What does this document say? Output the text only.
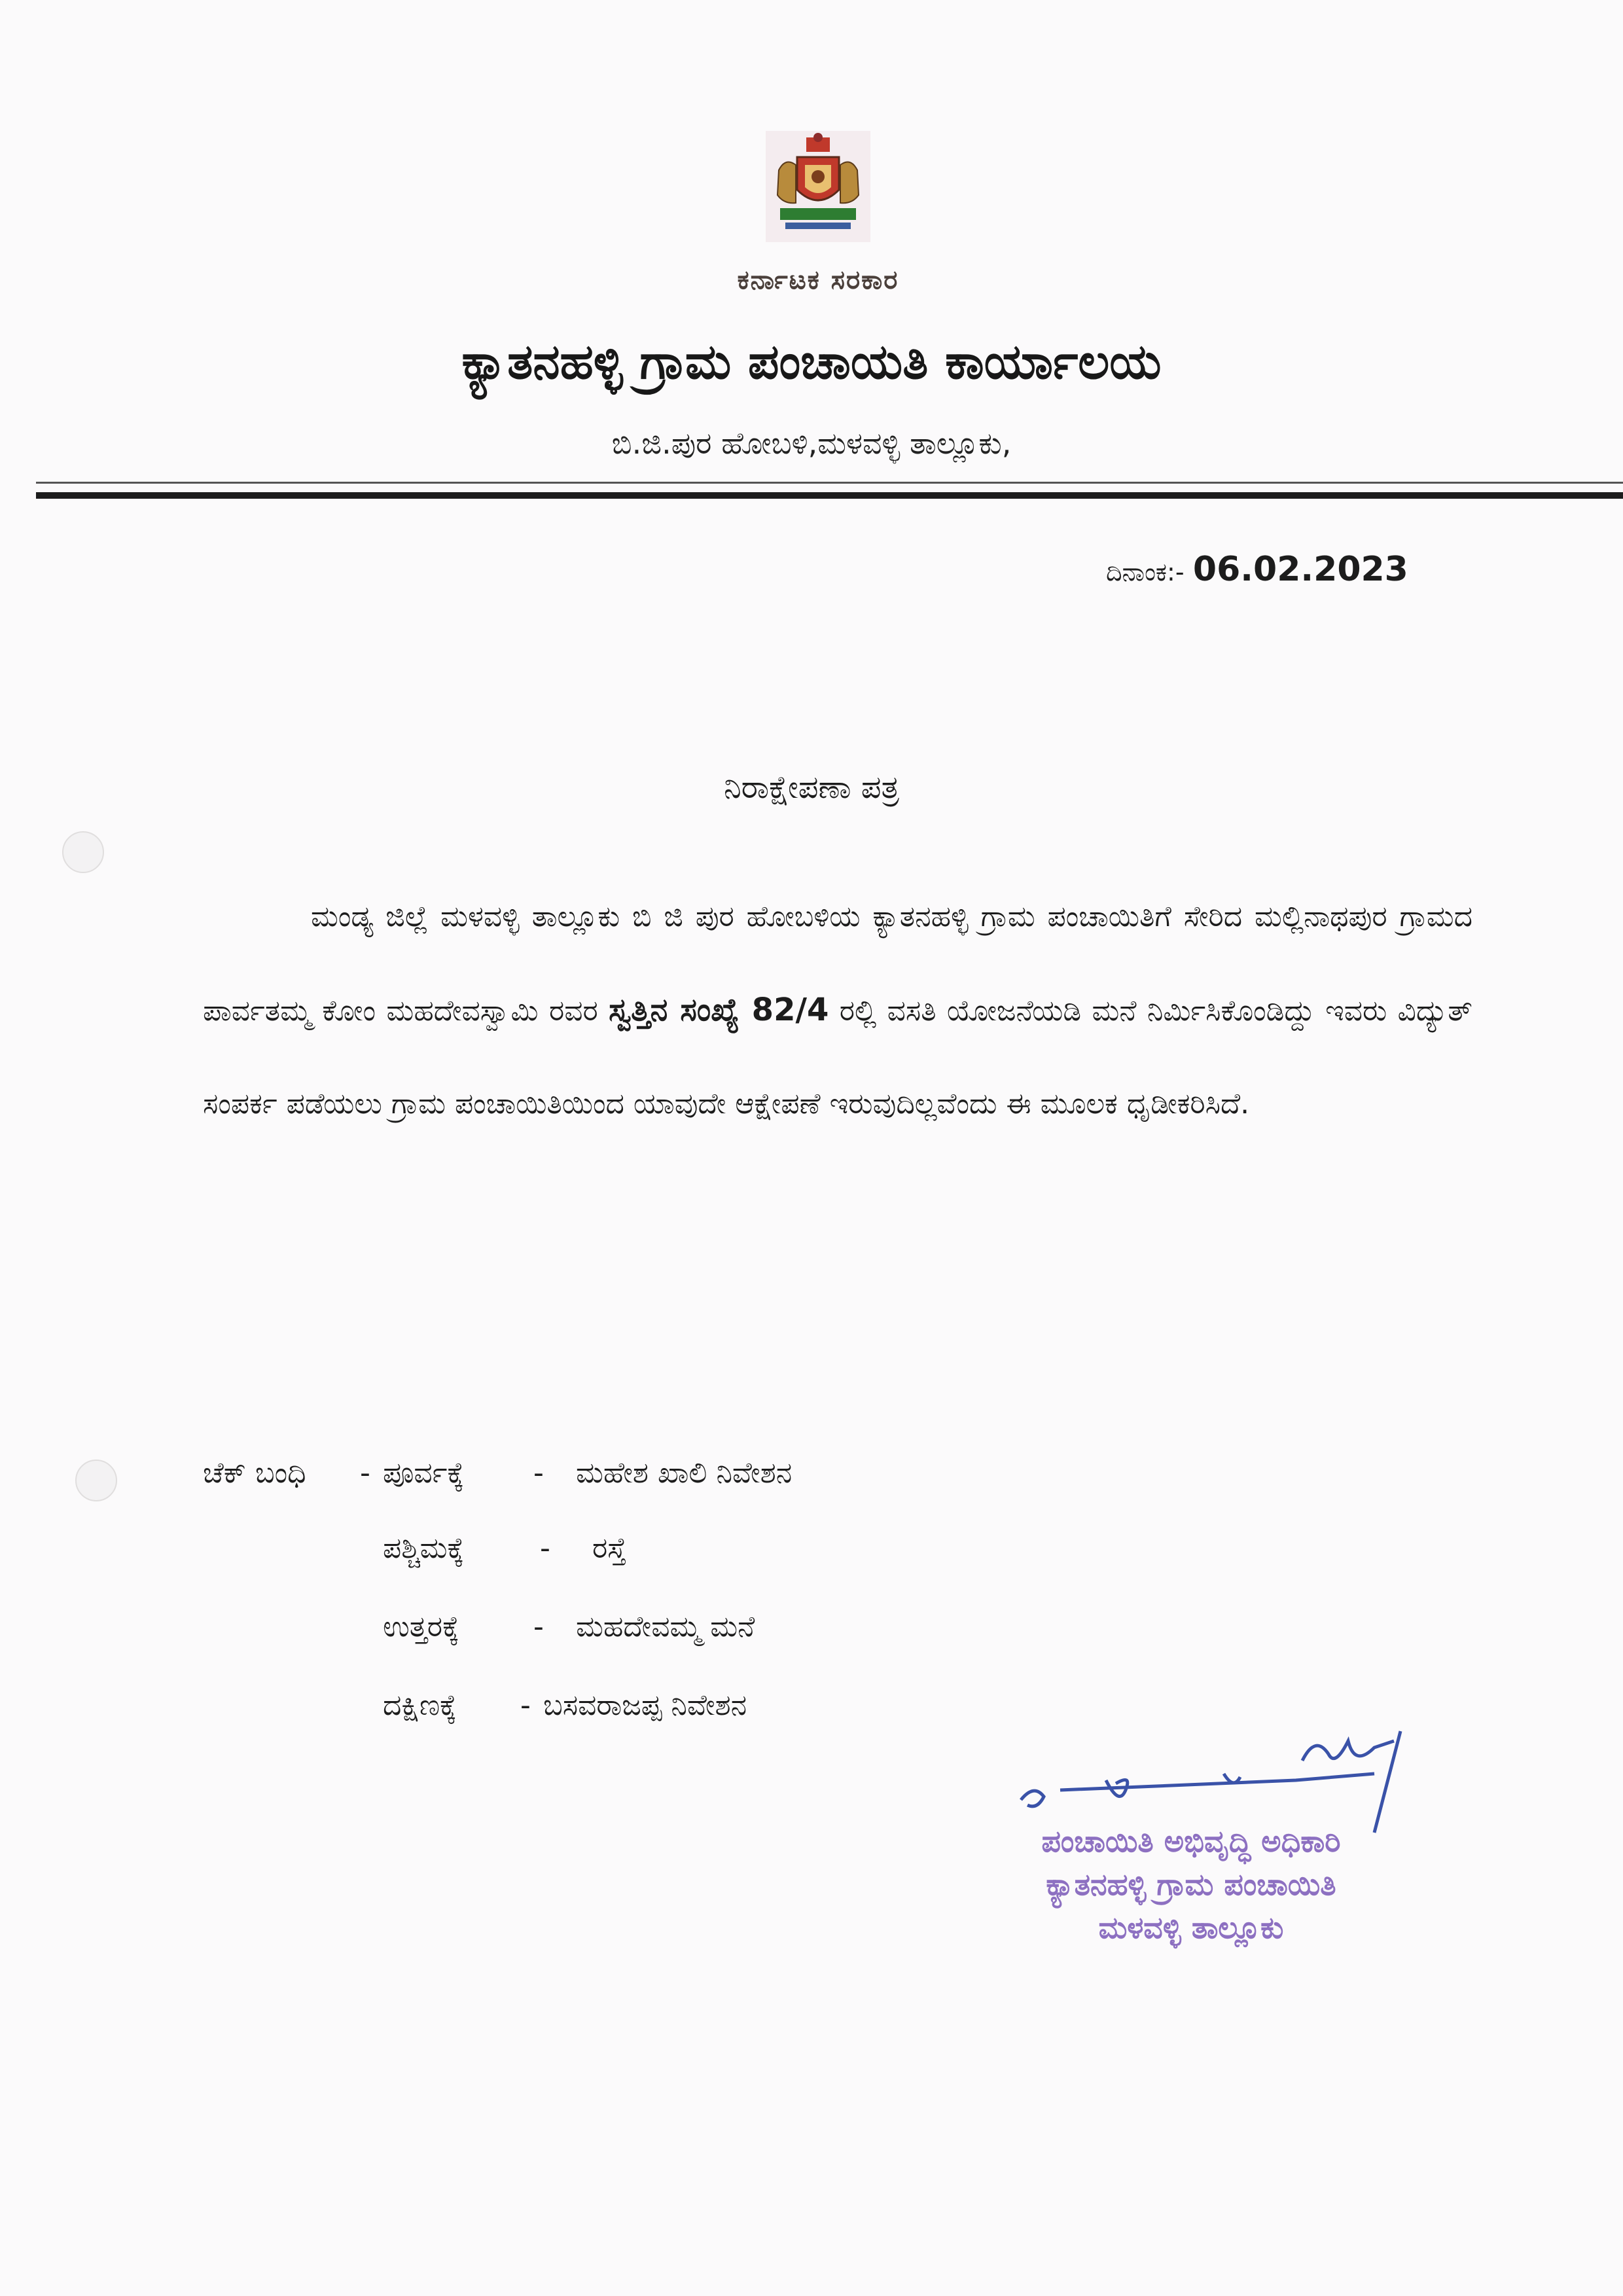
ಕರ್ನಾಟಕ ಸರಕಾರ
ಕ್ಯಾತನಹಳ್ಳಿ ಗ್ರಾಮ ಪಂಚಾಯತಿ ಕಾರ್ಯಾಲಯ
ಬಿ.ಜಿ.ಪುರ ಹೋಬಳಿ,ಮಳವಳ್ಳಿ ತಾಲ್ಲೂಕು,
ದಿನಾಂಕ:- 06.02.2023
ನಿರಾಕ್ಷೇಪಣಾ ಪತ್ರ
ಮಂಡ್ಯ ಜಿಲ್ಲೆ ಮಳವಳ್ಳಿ ತಾಲ್ಲೂಕು ಬಿ ಜಿ ಪುರ ಹೋಬಳಿಯ ಕ್ಯಾತನಹಳ್ಳಿ ಗ್ರಾಮ ಪಂಚಾಯಿತಿಗೆ ಸೇರಿದ ಮಲ್ಲಿನಾಥಪುರ ಗ್ರಾಮದ ಪಾರ್ವತಮ್ಮ ಕೋಂ ಮಹದೇವಸ್ವಾಮಿ ರವರ ಸ್ವತ್ತಿನ ಸಂಖ್ಯೆ 82/4 ರಲ್ಲಿ ವಸತಿ ಯೋಜನೆಯಡಿ ಮನೆ ನಿರ್ಮಿಸಿಕೊಂಡಿದ್ದು ಇವರು ವಿದ್ಯುತ್ ಸಂಪರ್ಕ ಪಡೆಯಲು ಗ್ರಾಮ ಪಂಚಾಯಿತಿಯಿಂದ ಯಾವುದೇ ಆಕ್ಷೇಪಣೆ ಇರುವುದಿಲ್ಲವೆಂದು ಈ ಮೂಲಕ ಧೃಡೀಕರಿಸಿದೆ.
ಚೆಕ್ ಬಂಧಿ - ಪೂರ್ವಕ್ಕೆ - ಮಹೇಶ ಖಾಲಿ ನಿವೇಶನ
ಪಶ್ಚಿಮಕ್ಕೆ	- ರಸ್ತೆ
ಉತ್ತರಕ್ಕೆ	- ಮಹದೇವಮ್ಮ ಮನೆ
ದಕ್ಷಿಣಕ್ಕೆ - ಬಸವರಾಜಪ್ಪ ನಿವೇಶನ
ಪಂಚಾಯಿತಿ ಅಭಿವೃದ್ಧಿ ಅಧಿಕಾರಿ
ಕ್ಯಾತನಹಳ್ಳಿ ಗ್ರಾಮ ಪಂಚಾಯಿತಿ
ಮಳವಳ್ಳಿ ತಾಲ್ಲೂಕು
